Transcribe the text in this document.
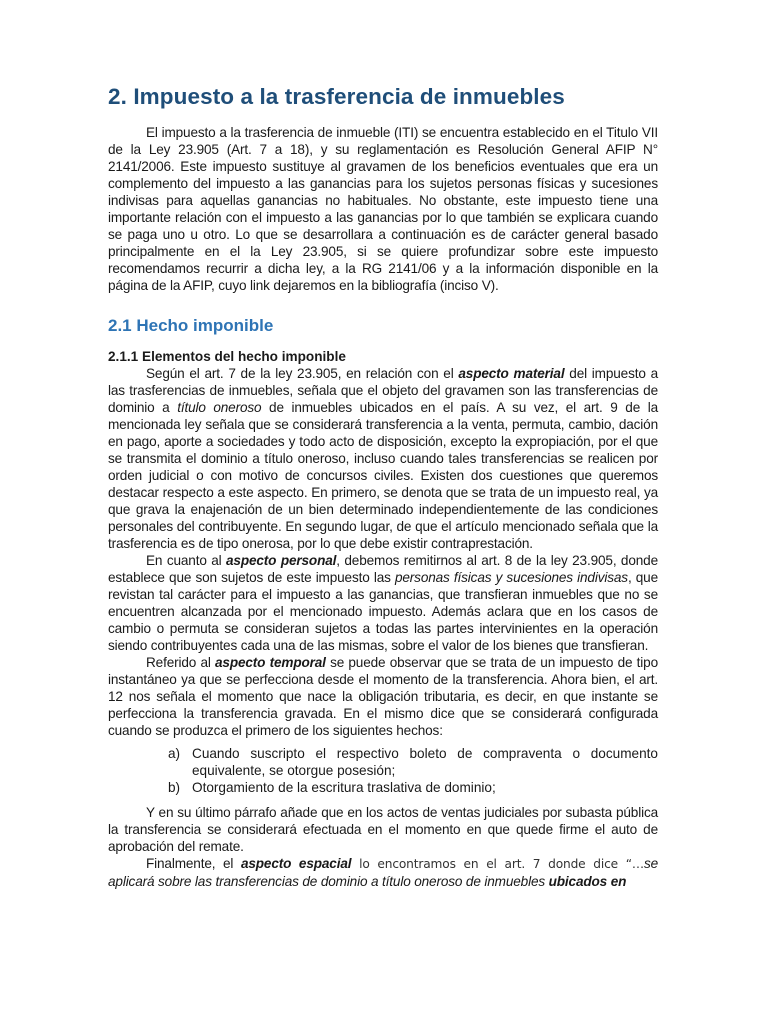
2. Impuesto a la trasferencia de inmuebles

El impuesto a la trasferencia de inmueble (ITI) se encuentra establecido en el Titulo VII de la Ley 23.905 (Art. 7 a 18), y su reglamentación es Resolución General AFIP N° 2141/2006. Este impuesto sustituye al gravamen de los beneficios eventuales que era un complemento del impuesto a las ganancias para los sujetos personas físicas y sucesiones indivisas para aquellas ganancias no habituales. No obstante, este impuesto tiene una importante relación con el impuesto a las ganancias por lo que también se explicara cuando se paga uno u otro. Lo que se desarrollara a continuación es de carácter general basado principalmente en el la Ley 23.905, si se quiere profundizar sobre este impuesto recomendamos recurrir a dicha ley, a la RG 2141/06 y a la información disponible en la página de la AFIP, cuyo link dejaremos en la bibliografía (inciso V).

2.1 Hecho imponible
2.1.1 Elementos del hecho imponible

Según el art. 7 de la ley 23.905, en relación con el aspecto material del impuesto a las trasferencias de inmuebles, señala que el objeto del gravamen son las transferencias de dominio a título oneroso de inmuebles ubicados en el país. A su vez, el art. 9 de la mencionada ley señala que se considerará transferencia a la venta, permuta, cambio, dación en pago, aporte a sociedades y todo acto de disposición, excepto la expropiación, por el que se transmita el dominio a título oneroso, incluso cuando tales transferencias se realicen por orden judicial o con motivo de concursos civiles. Existen dos cuestiones que queremos destacar respecto a este aspecto. En primero, se denota que se trata de un impuesto real, ya que grava la enajenación de un bien determinado independientemente de las condiciones personales del contribuyente. En segundo lugar, de que el artículo mencionado señala que la trasferencia es de tipo onerosa, por lo que debe existir contraprestación.

En cuanto al aspecto personal, debemos remitirnos al art. 8 de la ley 23.905, donde establece que son sujetos de este impuesto las personas físicas y sucesiones indivisas, que revistan tal carácter para el impuesto a las ganancias, que transfieran inmuebles que no se encuentren alcanzada por el mencionado impuesto. Además aclara que en los casos de cambio o permuta se consideran sujetos a todas las partes intervinientes en la operación siendo contribuyentes cada una de las mismas, sobre el valor de los bienes que transfieran.

Referido al aspecto temporal se puede observar que se trata de un impuesto de tipo instantáneo ya que se perfecciona desde el momento de la transferencia. Ahora bien, el art. 12 nos señala el momento que nace la obligación tributaria, es decir, en que instante se perfecciona la transferencia gravada. En el mismo dice que se considerará configurada cuando se produzca el primero de los siguientes hechos:

a) Cuando suscripto el respectivo boleto de compraventa o documento equivalente, se otorgue posesión;
b) Otorgamiento de la escritura traslativa de dominio;

Y en su último párrafo añade que en los actos de ventas judiciales por subasta pública la transferencia se considerará efectuada en el momento en que quede firme el auto de aprobación del remate.

Finalmente, el aspecto espacial lo encontramos en el art. 7 donde dice “…se aplicará sobre las transferencias de dominio a título oneroso de inmuebles ubicados en
